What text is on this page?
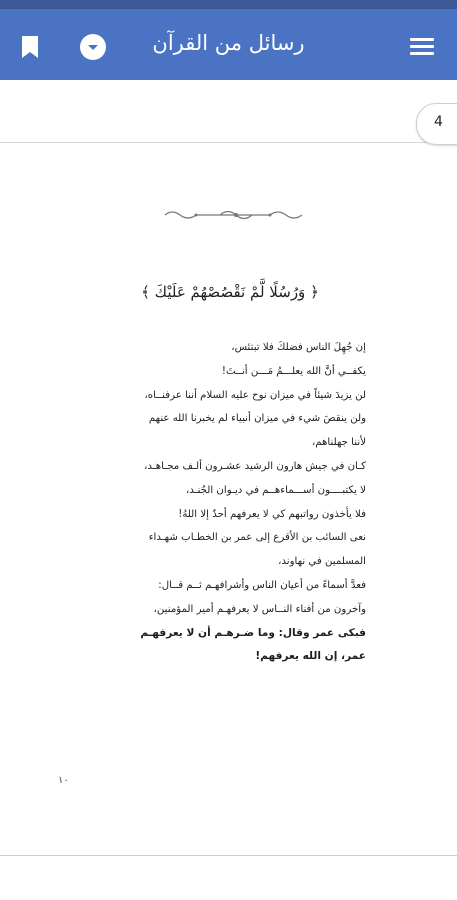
رسائل من القرآن
4
﴿ وَرُسُلًا لَّمْ نَقْصُصْهُمْ عَلَيْكَ ﴾
إن جُهِلَ الناس فضلكَ فلا تبتئس،
يكفــي أنَّ الله يعلـــمُ مَـــن أنــتَ!
لن يزيدَ شيئاً في ميزان نوح عليه السلام أننا عرفنــاه،
ولن ينقصَ شيء في ميزان أنبياء لم يخبرنا الله عنهم
لأننا جهلناهم،
كـان في جيش هارون الرشيد عشـرون ألـف مجـاهـد،
لا يكتبــــون أســـماءهــم في ديـوان الجُنـد،
فلا يأخذون رواتبهم كي لا يعرفهم أحدٌ إلا اللهُ!
نعى السائب بن الأقرع إلى عمر بن الخطـاب شهـداء
المسلمين في نهاوند،
فعدَّ أسماءً من أعيان الناس وأشرافهـم ثــم قــال:
وآخرون من أفناء النــاس لا يعرفهـم أمير المؤمنين،
فبكى عمر وقال: وما ضـرهـم أن لا يعرفهـم
عمر، إن الله يعرفهم!
١٠
